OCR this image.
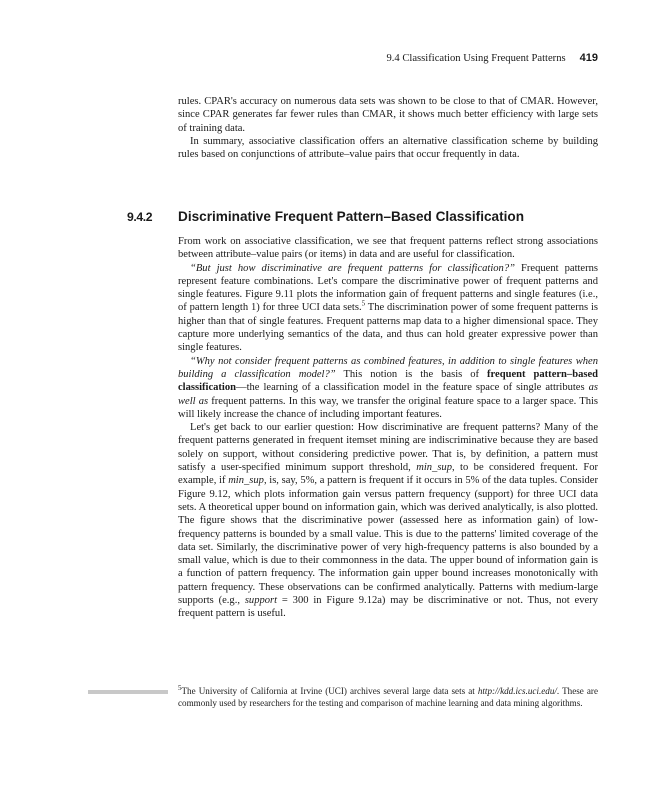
9.4 Classification Using Frequent Patterns 419

rules. CPAR's accuracy on numerous data sets was shown to be close to that of CMAR. However, since CPAR generates far fewer rules than CMAR, it shows much better efficiency with large sets of training data.

In summary, associative classification offers an alternative classification scheme by building rules based on conjunctions of attribute–value pairs that occur frequently in data.

9.4.2 Discriminative Frequent Pattern–Based Classification

From work on associative classification, we see that frequent patterns reflect strong associations between attribute–value pairs (or items) in data and are useful for classification.

“But just how discriminative are frequent patterns for classification?” Frequent patterns represent feature combinations. Let's compare the discriminative power of frequent patterns and single features. Figure 9.11 plots the information gain of frequent patterns and single features (i.e., of pattern length 1) for three UCI data sets.$^5$ The discrimination power of some frequent patterns is higher than that of single features. Frequent patterns map data to a higher dimensional space. They capture more underlying semantics of the data, and thus can hold greater expressive power than single features.

“Why not consider frequent patterns as combined features, in addition to single features when building a classification model?” This notion is the basis of frequent pattern–based classification—the learning of a classification model in the feature space of single attributes as well as frequent patterns. In this way, we transfer the original feature space to a larger space. This will likely increase the chance of including important features.

Let's get back to our earlier question: How discriminative are frequent patterns? Many of the frequent patterns generated in frequent itemset mining are indiscriminative because they are based solely on support, without considering predictive power. That is, by definition, a pattern must satisfy a user-specified minimum support threshold, min_sup, to be considered frequent. For example, if min_sup, is, say, 5%, a pattern is frequent if it occurs in 5% of the data tuples. Consider Figure 9.12, which plots information gain versus pattern frequency (support) for three UCI data sets. A theoretical upper bound on information gain, which was derived analytically, is also plotted. The figure shows that the discriminative power (assessed here as information gain) of low-frequency patterns is bounded by a small value. This is due to the patterns' limited coverage of the data set. Similarly, the discriminative power of very high-frequency patterns is also bounded by a small value, which is due to their commonness in the data. The upper bound of information gain is a function of pattern frequency. The information gain upper bound increases monotonically with pattern frequency. These observations can be confirmed analytically. Patterns with medium-large supports (e.g., support = 300 in Figure 9.12a) may be discriminative or not. Thus, not every frequent pattern is useful.

$^5$The University of California at Irvine (UCI) archives several large data sets at http://kdd.ics.uci.edu/. These are commonly used by researchers for the testing and comparison of machine learning and data mining algorithms.
